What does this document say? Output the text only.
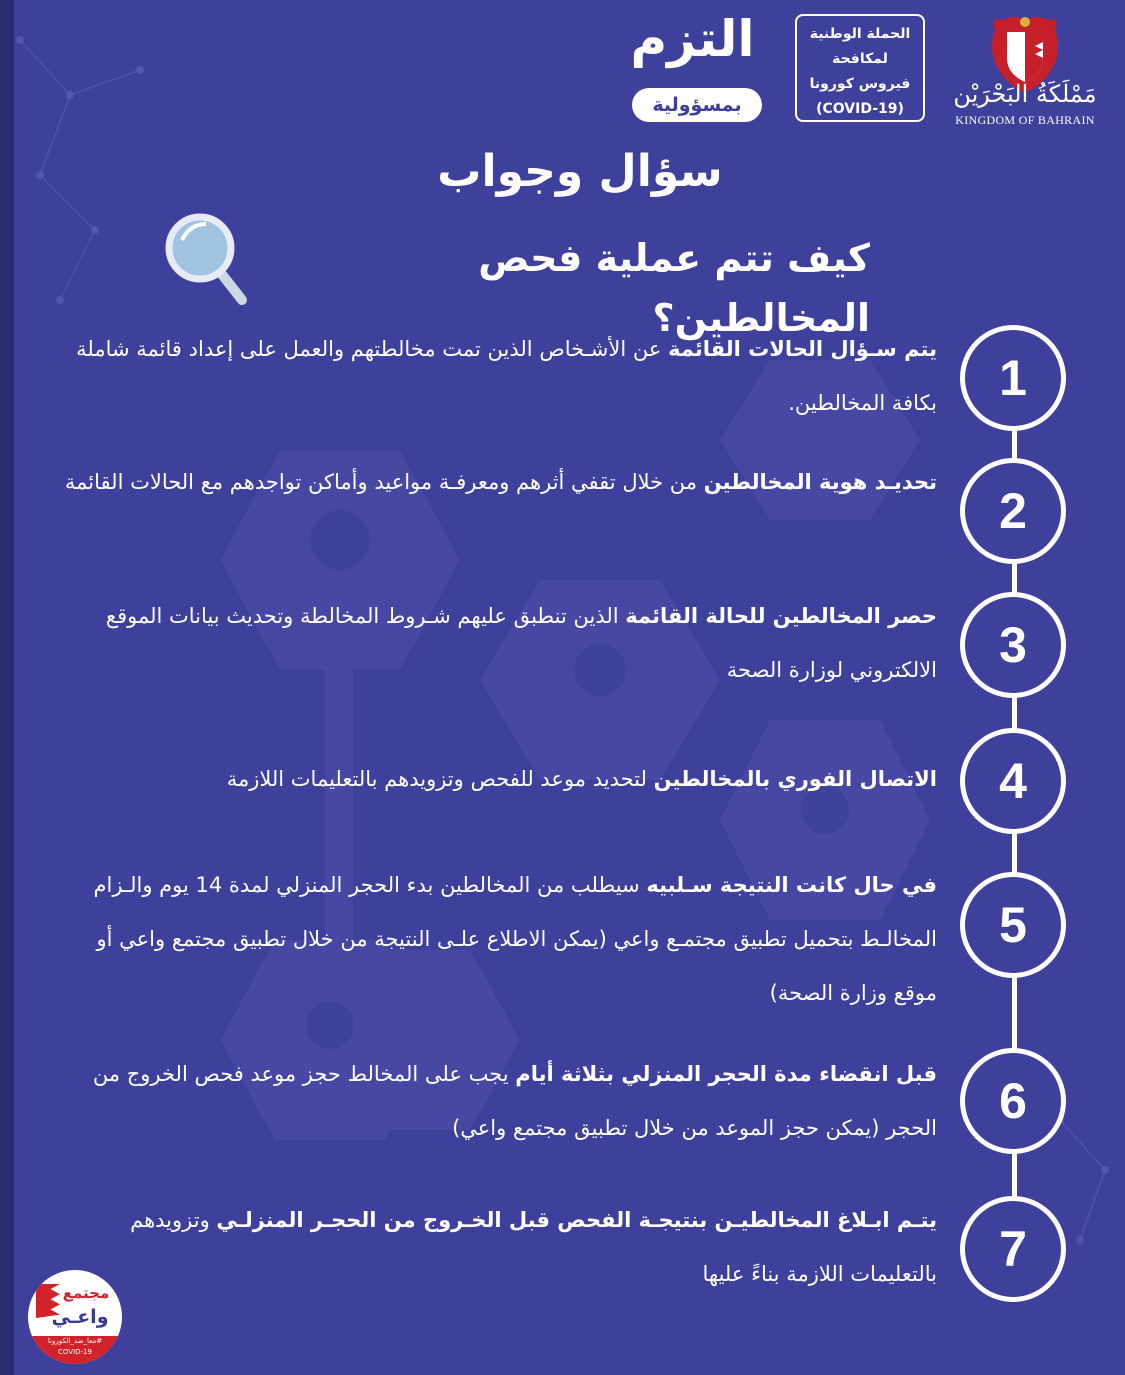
مَمْلَكَةُ البَحْرَيْن
KINGDOM OF BAHRAIN
الحملة الوطنية
لمكافحة
فيروس كورونا
(COVID-19)
التزم
بمسؤولية
سؤال وجواب
كيف تتم عملية فحص المخالطين؟
1
2
3
4
5
6
7
يتم سـؤال الحالات القائمة عن الأشـخاص الذين تمت مخالطتهم والعمل على إعداد قائمة شاملة بكافة المخالطين.
تحديـد هوية المخالطين من خلال تقفي أثرهم ومعرفـة مواعيد وأماكن تواجدهم مع الحالات القائمة
حصر المخالطين للحالة القائمة الذين تنطبق عليهم شـروط المخالطة وتحديث بيانات الموقع الالكتروني لوزارة الصحة
الاتصال الفوري بالمخالطين لتحديد موعد للفحص وتزويدهم بالتعليمات اللازمة
في حال كانت النتيجة سـلبيه سيطلب من المخالطين بدء الحجر المنزلي لمدة 14 يوم والـزام المخالـط بتحميل تطبيق مجتمـع واعي (يمكن الاطلاع علـى النتيجة من خلال تطبيق مجتمع واعي أو موقع وزارة الصحة)
قبل انقضاء مدة الحجر المنزلي بثلاثة أيام يجب على المخالط حجز موعد فحص الخروج من الحجر (يمكن حجز الموعد من خلال تطبيق مجتمع واعي)
يتـم ابـلاغ المخالطيـن بنتيجـة الفحص قبل الخـروج من الحجـر المنزلـي وتزويدهم بالتعليمات اللازمة بناءً عليها
مجتمع
واعـي
#معا_ضد_الكورونا
COVID-19
